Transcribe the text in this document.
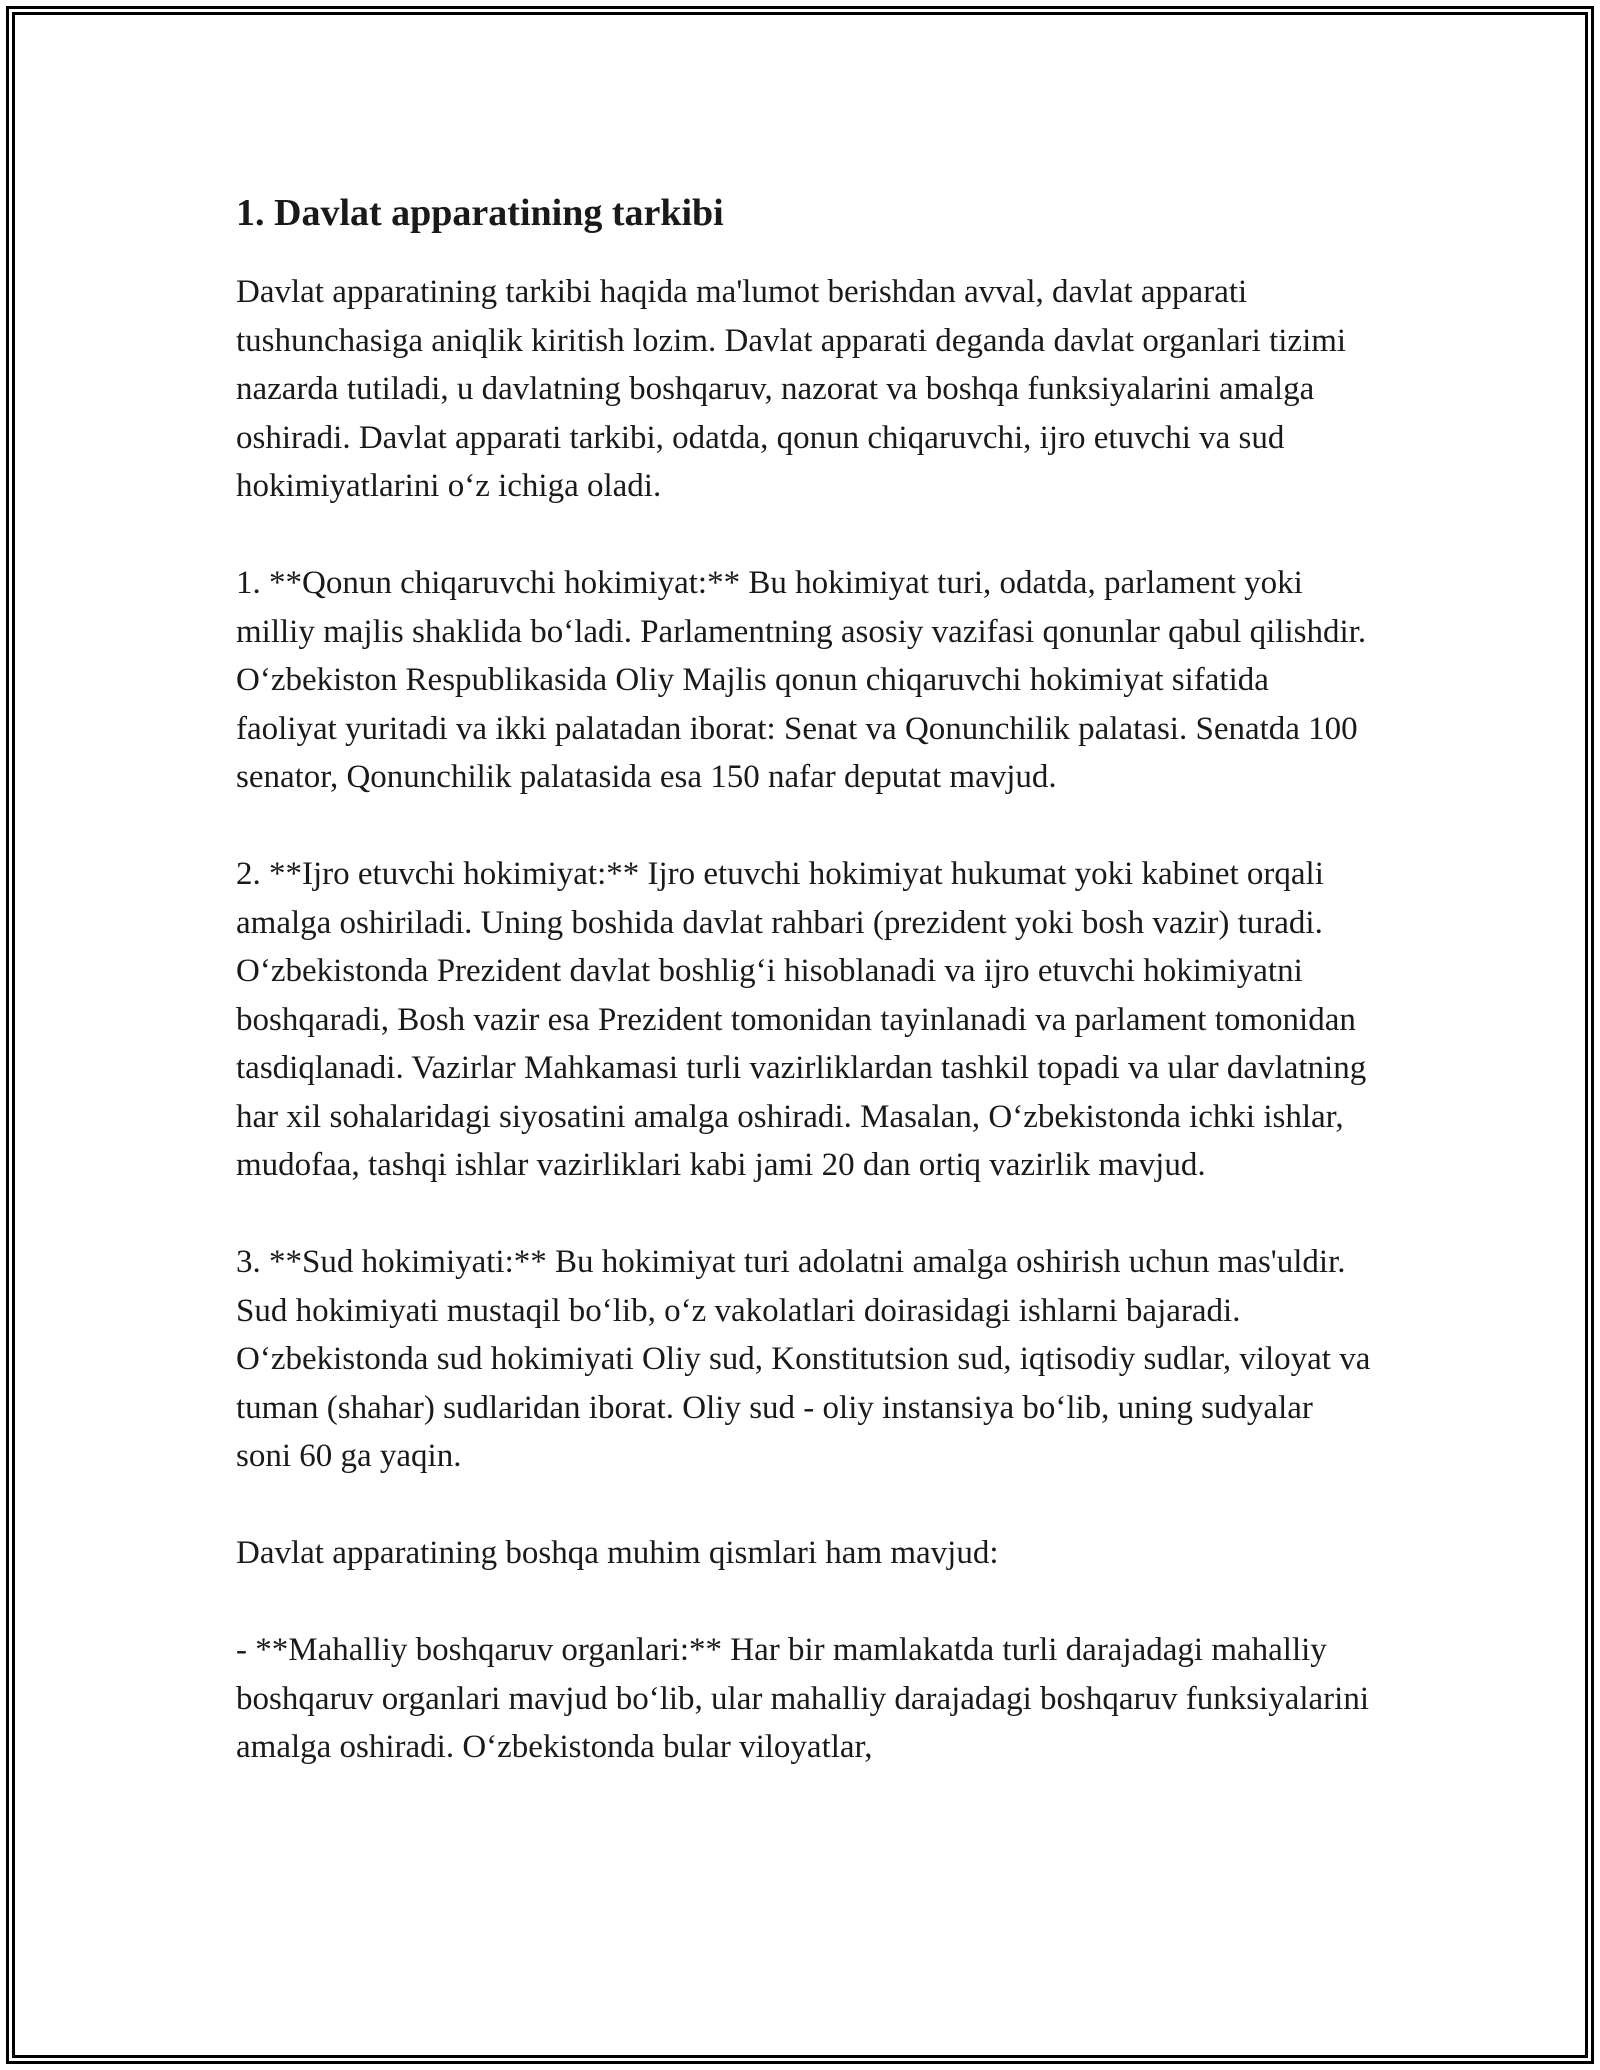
1. Davlat apparatining tarkibi

Davlat apparatining tarkibi haqida ma'lumot berishdan avval, davlat apparati tushunchasiga aniqlik kiritish lozim. Davlat apparati deganda davlat organlari tizimi nazarda tutiladi, u davlatning boshqaruv, nazorat va boshqa funksiyalarini amalga oshiradi. Davlat apparati tarkibi, odatda, qonun chiqaruvchi, ijro etuvchi va sud hokimiyatlarini o‘z ichiga oladi.

1. **Qonun chiqaruvchi hokimiyat:** Bu hokimiyat turi, odatda, parlament yoki milliy majlis shaklida bo‘ladi. Parlamentning asosiy vazifasi qonunlar qabul qilishdir. O‘zbekiston Respublikasida Oliy Majlis qonun chiqaruvchi hokimiyat sifatida faoliyat yuritadi va ikki palatadan iborat: Senat va Qonunchilik palatasi. Senatda 100 senator, Qonunchilik palatasida esa 150 nafar deputat mavjud.

2. **Ijro etuvchi hokimiyat:** Ijro etuvchi hokimiyat hukumat yoki kabinet orqali amalga oshiriladi. Uning boshida davlat rahbari (prezident yoki bosh vazir) turadi. O‘zbekistonda Prezident davlat boshlig‘i hisoblanadi va ijro etuvchi hokimiyatni boshqaradi, Bosh vazir esa Prezident tomonidan tayinlanadi va parlament tomonidan tasdiqlanadi. Vazirlar Mahkamasi turli vazirliklardan tashkil topadi va ular davlatning har xil sohalaridagi siyosatini amalga oshiradi. Masalan, O‘zbekistonda ichki ishlar, mudofaa, tashqi ishlar vazirliklari kabi jami 20 dan ortiq vazirlik mavjud.

3. **Sud hokimiyati:** Bu hokimiyat turi adolatni amalga oshirish uchun mas'uldir. Sud hokimiyati mustaqil bo‘lib, o‘z vakolatlari doirasidagi ishlarni bajaradi. O‘zbekistonda sud hokimiyati Oliy sud, Konstitutsion sud, iqtisodiy sudlar, viloyat va tuman (shahar) sudlaridan iborat. Oliy sud - oliy instansiya bo‘lib, uning sudyalar soni 60 ga yaqin.

Davlat apparatining boshqa muhim qismlari ham mavjud:

- **Mahalliy boshqaruv organlari:** Har bir mamlakatda turli darajadagi mahalliy boshqaruv organlari mavjud bo‘lib, ular mahalliy darajadagi boshqaruv funksiyalarini amalga oshiradi. O‘zbekistonda bular viloyatlar,
